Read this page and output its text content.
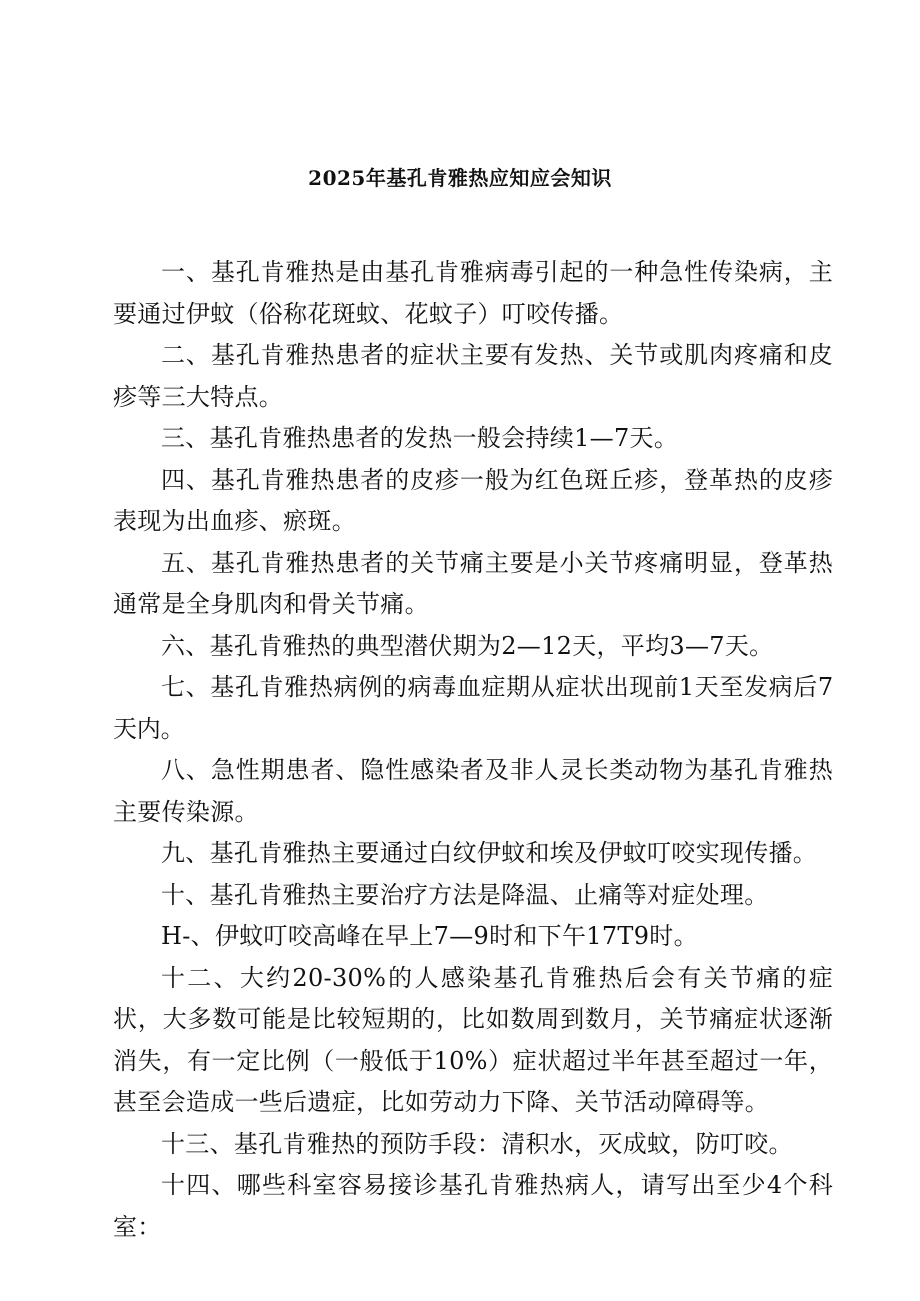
2025年基孔肯雅热应知应会知识

一、基孔肯雅热是由基孔肯雅病毒引起的一种急性传染病，主要通过伊蚊（俗称花斑蚊、花蚊子）叮咬传播。

二、基孔肯雅热患者的症状主要有发热、关节或肌肉疼痛和皮疹等三大特点。

三、基孔肯雅热患者的发热一般会持续1—7天。

四、基孔肯雅热患者的皮疹一般为红色斑丘疹，登革热的皮疹表现为出血疹、瘀斑。

五、基孔肯雅热患者的关节痛主要是小关节疼痛明显，登革热通常是全身肌肉和骨关节痛。

六、基孔肯雅热的典型潜伏期为2—12天，平均3—7天。

七、基孔肯雅热病例的病毒血症期从症状出现前1天至发病后7天内。

八、急性期患者、隐性感染者及非人灵长类动物为基孔肯雅热主要传染源。

九、基孔肯雅热主要通过白纹伊蚊和埃及伊蚊叮咬实现传播。

十、基孔肯雅热主要治疗方法是降温、止痛等对症处理。

H-、伊蚊叮咬高峰在早上7—9时和下午17T9时。

十二、大约20-30%的人感染基孔肯雅热后会有关节痛的症状，大多数可能是比较短期的，比如数周到数月，关节痛症状逐渐消失，有一定比例（一般低于10%）症状超过半年甚至超过一年，甚至会造成一些后遗症，比如劳动力下降、关节活动障碍等。

十三、基孔肯雅热的预防手段：清积水，灭成蚊，防叮咬。

十四、哪些科室容易接诊基孔肯雅热病人，请写出至少4个科室：
